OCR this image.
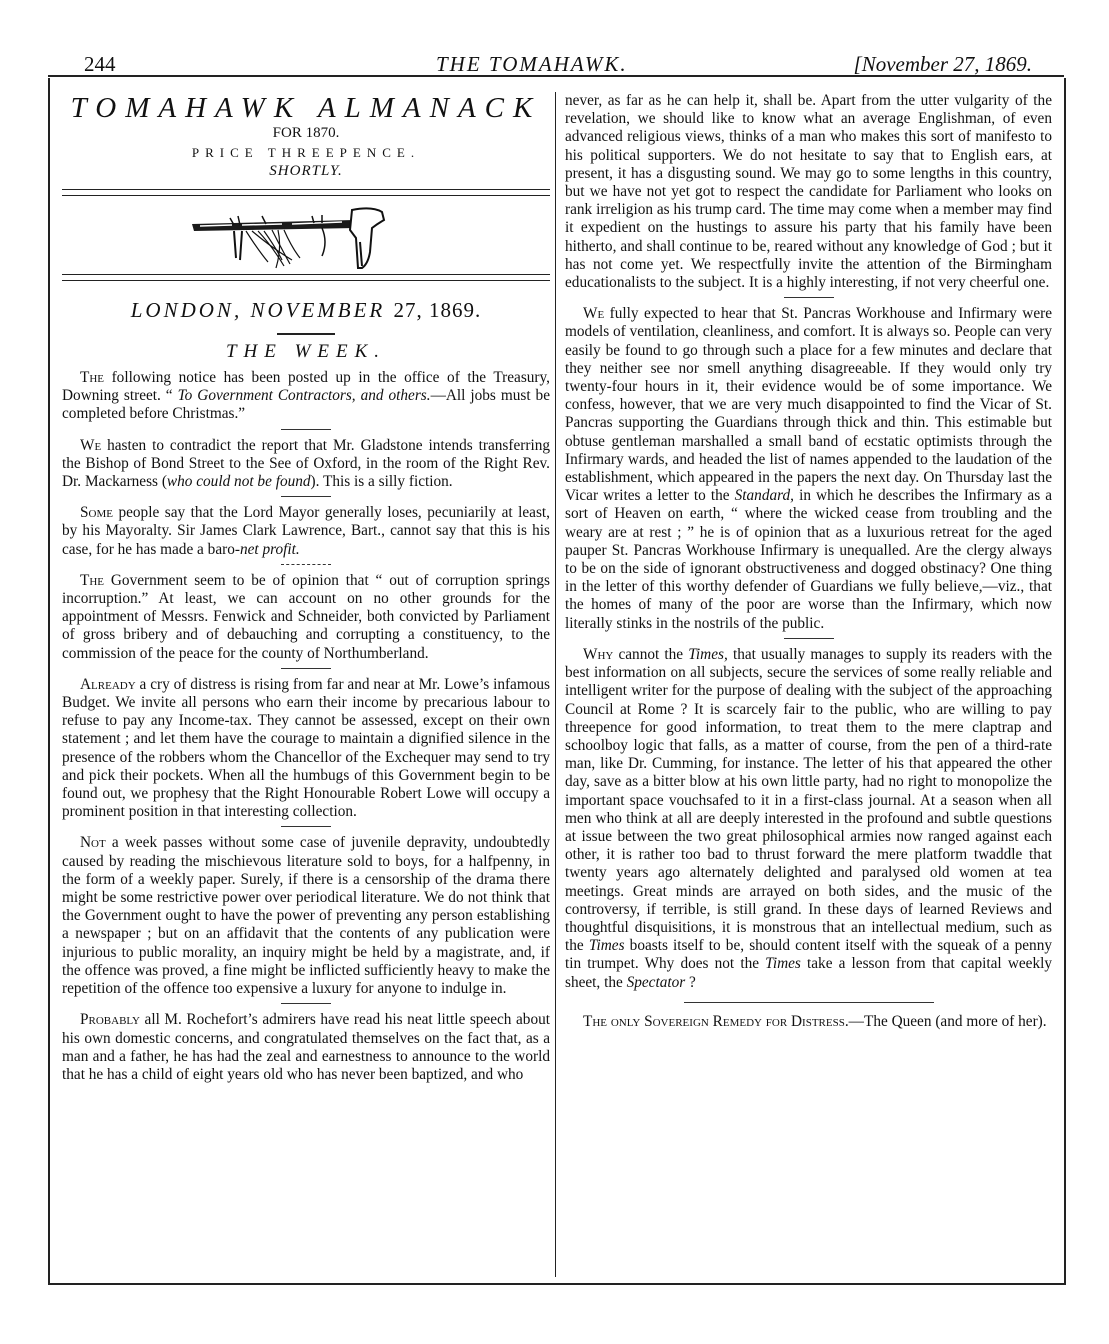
244	THE TOMAHAWK.	[November 27, 1869.

TOMAHAWK ALMANACK

FOR 1870.

PRICE THREEPENCE.

SHORTLY.

LONDON, NOVEMBER 27, 1869.

THE WEEK.

The following notice has been posted up in the office of the Treasury, Downing street. “ To Government Contractors, and others.—All jobs must be completed before Christmas.”

We hasten to contradict the report that Mr. Gladstone intends transferring the Bishop of Bond Street to the See of Oxford, in the room of the Right Rev. Dr. Mackarness (who could not be found). This is a silly fiction.

Some people say that the Lord Mayor generally loses, pecuniarily at least, by his Mayoralty. Sir James Clark Lawrence, Bart., cannot say that this is his case, for he has made a baro-net profit.

The Government seem to be of opinion that “ out of corruption springs incorruption.” At least, we can account on no other grounds for the appointment of Messrs. Fenwick and Schneider, both convicted by Parliament of gross bribery and of debauching and corrupting a constituency, to the commission of the peace for the county of Northumberland.

Already a cry of distress is rising from far and near at Mr. Lowe’s infamous Budget. We invite all persons who earn their income by precarious labour to refuse to pay any Income-tax. They cannot be assessed, except on their own statement ; and let them have the courage to maintain a dignified silence in the presence of the robbers whom the Chancellor of the Exchequer may send to try and pick their pockets. When all the humbugs of this Government begin to be found out, we prophesy that the Right Honourable Robert Lowe will occupy a prominent position in that interesting collection.

Not a week passes without some case of juvenile depravity, undoubtedly caused by reading the mischievous literature sold to boys, for a halfpenny, in the form of a weekly paper. Surely, if there is a censorship of the drama there might be some restrictive power over periodical literature. We do not think that the Government ought to have the power of preventing any person establishing a newspaper ; but on an affidavit that the contents of any publication were injurious to public morality, an inquiry might be held by a magistrate, and, if the offence was proved, a fine might be inflicted sufficiently heavy to make the repetition of the offence too expensive a luxury for anyone to indulge in.

Probably all M. Rochefort’s admirers have read his neat little speech about his own domestic concerns, and congratulated themselves on the fact that, as a man and a father, he has had the zeal and earnestness to announce to the world that he has a child of eight years old who has never been baptized, and who

never, as far as he can help it, shall be. Apart from the utter vulgarity of the revelation, we should like to know what an average Englishman, of even advanced religious views, thinks of a man who makes this sort of manifesto to his political supporters. We do not hesitate to say that to English ears, at present, it has a disgusting sound. We may go to some lengths in this country, but we have not yet got to respect the candidate for Parliament who looks on rank irreligion as his trump card. The time may come when a member may find it expedient on the hustings to assure his party that his family have been hitherto, and shall continue to be, reared without any knowledge of God ; but it has not come yet. We respectfully invite the attention of the Birmingham educationalists to the subject. It is a highly interesting, if not very cheerful one.

We fully expected to hear that St. Pancras Workhouse and Infirmary were models of ventilation, cleanliness, and comfort. It is always so. People can very easily be found to go through such a place for a few minutes and declare that they neither see nor smell anything disagreeable. If they would only try twenty-four hours in it, their evidence would be of some importance. We confess, however, that we are very much disappointed to find the Vicar of St. Pancras supporting the Guardians through thick and thin. This estimable but obtuse gentleman marshalled a small band of ecstatic optimists through the Infirmary wards, and headed the list of names appended to the laudation of the establishment, which appeared in the papers the next day. On Thursday last the Vicar writes a letter to the Standard, in which he describes the Infirmary as a sort of Heaven on earth, “ where the wicked cease from troubling and the weary are at rest ; ” he is of opinion that as a luxurious retreat for the aged pauper St. Pancras Workhouse Infirmary is unequalled. Are the clergy always to be on the side of ignorant obstructiveness and dogged obstinacy? One thing in the letter of this worthy defender of Guardians we fully believe,—viz., that the homes of many of the poor are worse than the Infirmary, which now literally stinks in the nostrils of the public.

Why cannot the Times, that usually manages to supply its readers with the best information on all subjects, secure the services of some really reliable and intelligent writer for the purpose of dealing with the subject of the approaching Council at Rome ? It is scarcely fair to the public, who are willing to pay threepence for good information, to treat them to the mere claptrap and schoolboy logic that falls, as a matter of course, from the pen of a third-rate man, like Dr. Cumming, for instance. The letter of his that appeared the other day, save as a bitter blow at his own little party, had no right to monopolize the important space vouchsafed to it in a first-class journal. At a season when all men who think at all are deeply interested in the profound and subtle questions at issue between the two great philosophical armies now ranged against each other, it is rather too bad to thrust forward the mere platform twaddle that twenty years ago alternately delighted and paralysed old women at tea meetings. Great minds are arrayed on both sides, and the music of the controversy, if terrible, is still grand. In these days of learned Reviews and thoughtful disquisitions, it is monstrous that an intellectual medium, such as the Times boasts itself to be, should content itself with the squeak of a penny tin trumpet. Why does not the Times take a lesson from that capital weekly sheet, the Spectator ?

The only Sovereign Remedy for Distress.—The Queen (and more of her).
